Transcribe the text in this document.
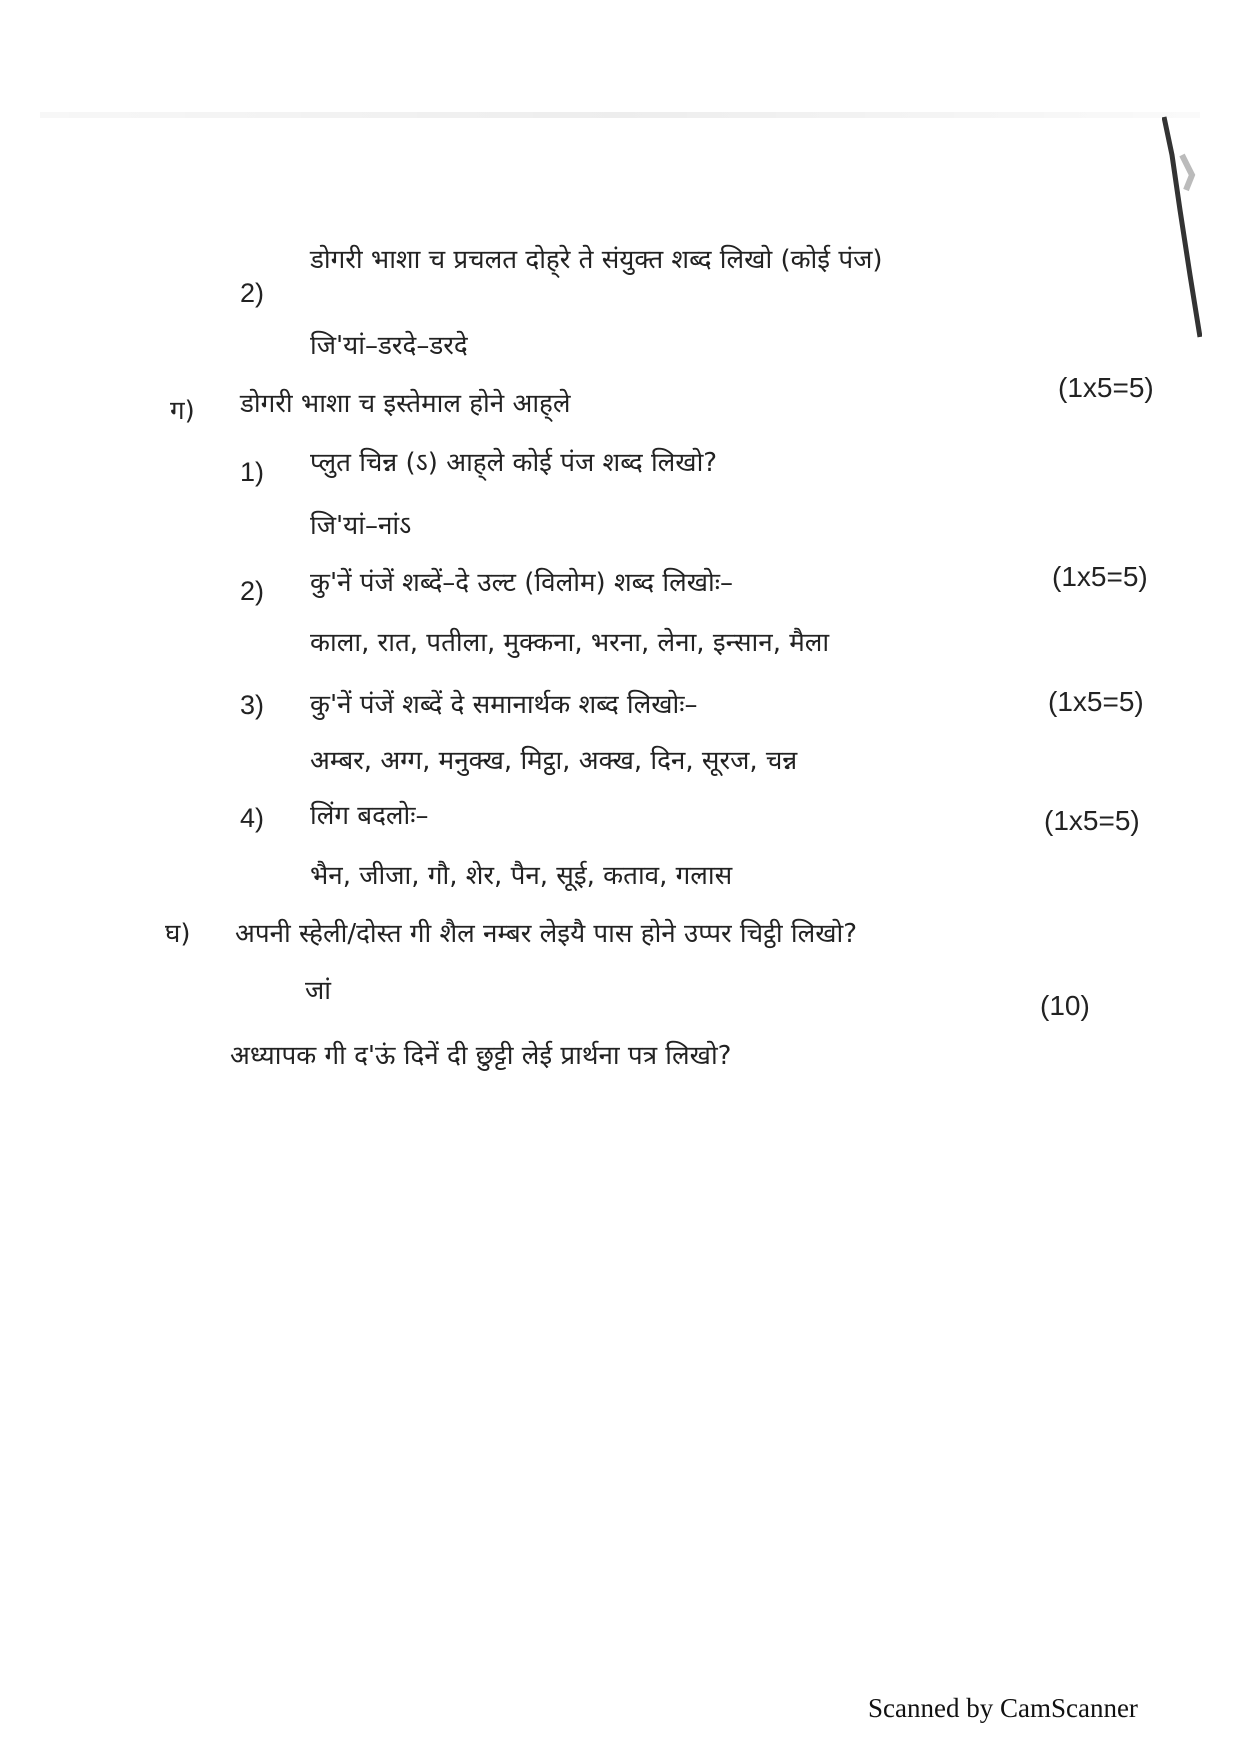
2)
डोगरी भाशा च प्रचलत दोह्‌रे ते संयुक्त शब्द लिखो (कोई पंज)
जि'यां–डरदे–डरदे
ग) डोगरी भाशा च इस्तेमाल होने आह्‌ले
(1x5=5)
1) प्लुत चिन्न (ऽ) आह्‌ले कोई पंज शब्द लिखो?
जि'यां–नांऽ
2) कु'नें पंजें शब्दें–दे उल्ट (विलोम) शब्द लिखोः–	(1x5=5)
काला, रात, पतीला, मुक्कना, भरना, लेना, इन्सान, मैला
3) कु'नें पंजें शब्दें दे समानार्थक शब्द लिखोः–	(1x5=5)
अम्बर, अग्ग, मनुक्ख, मिट्ठा, अक्ख, दिन, सूरज, चन्न
4) लिंग बदलोः–	(1x5=5)
भैन, जीजा, गौ, शेर, पैन, सूई, कताव, गलास
घ) अपनी स्हेली/दोस्त गी शैल नम्बर लेइयै पास होने उप्पर चिट्ठी लिखो?
जां	(10)
अध्यापक गी द'ऊं दिनें दी छुट्टी लेई प्रार्थना पत्र लिखो?
Scanned by CamScanner
